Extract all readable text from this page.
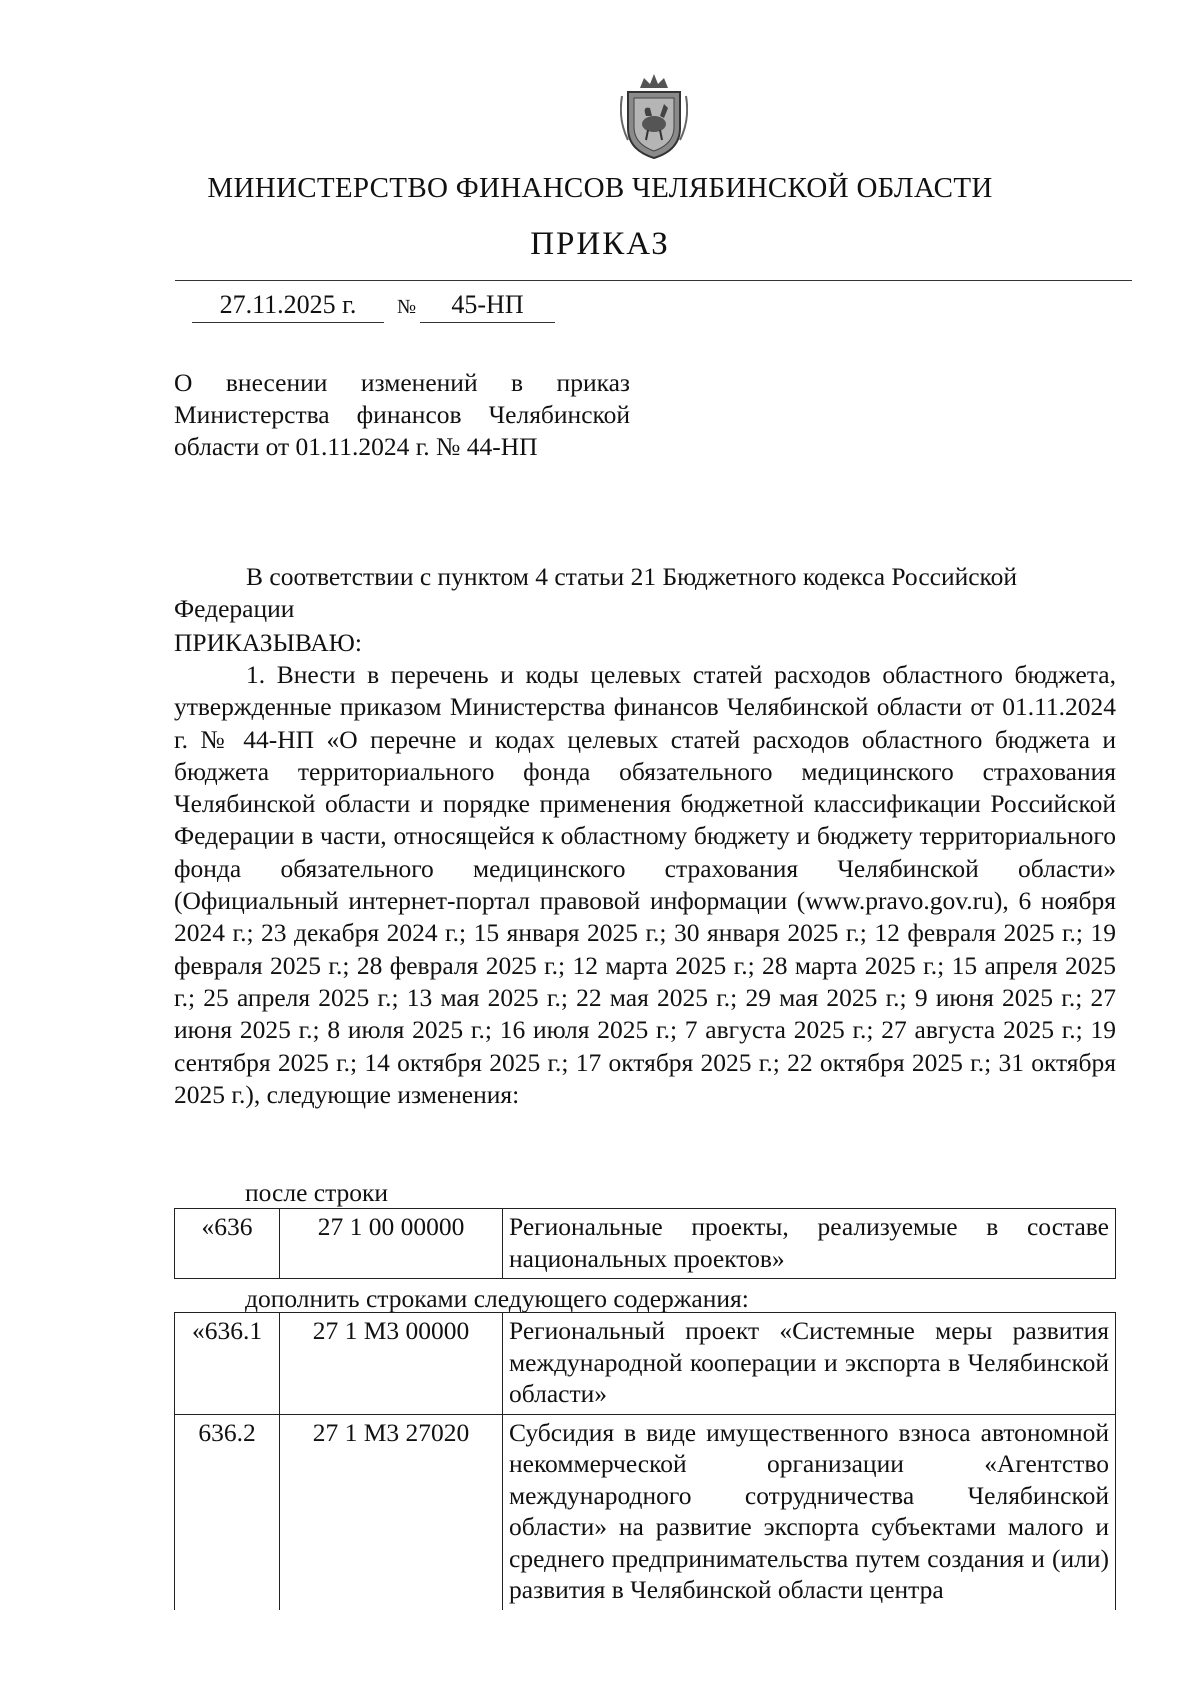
МИНИСТЕРСТВО ФИНАНСОВ ЧЕЛЯБИНСКОЙ ОБЛАСТИ
ПРИКАЗ
27.11.2025 г.	№	45-НП
О внесении изменений в приказ Министерства финансов Челябинской области от 01.11.2024 г. № 44-НП

В соответствии с пунктом 4 статьи 21 Бюджетного кодекса Российской Федерации

ПРИКАЗЫВАЮ:

1. Внести в перечень и коды целевых статей расходов областного бюджета, утвержденные приказом Министерства финансов Челябинской области от 01.11.2024 г. № 44-НП «О перечне и кодах целевых статей расходов областного бюджета и бюджета территориального фонда обязательного медицинского страхования Челябинской области и порядке применения бюджетной классификации Российской Федерации в части, относящейся к областному бюджету и бюджету территориального фонда обязательного медицинского страхования Челябинской области» (Официальный интернет-портал правовой информации (www.pravo.gov.ru), 6 ноября 2024 г.; 23 декабря 2024 г.; 15 января 2025 г.; 30 января 2025 г.; 12 февраля 2025 г.; 19 февраля 2025 г.; 28 февраля 2025 г.; 12 марта 2025 г.; 28 марта 2025 г.; 15 апреля 2025 г.; 25 апреля 2025 г.; 13 мая 2025 г.; 22 мая 2025 г.; 29 мая 2025 г.; 9 июня 2025 г.; 27 июня 2025 г.; 8 июля 2025 г.; 16 июля 2025 г.; 7 августа 2025 г.; 27 августа 2025 г.; 19 сентября 2025 г.; 14 октября 2025 г.; 17 октября 2025 г.; 22 октября 2025 г.; 31 октября 2025 г.), следующие изменения:

после строки
«636	27 1 00 00000	Региональные проекты, реализуемые в составе национальных проектов»
дополнить строками следующего содержания:
«636.1	27 1 М3 00000	Региональный проект «Системные меры развития международной кооперации и экспорта в Челябинской области»
636.2	27 1 М3 27020	Субсидия в виде имущественного взноса автономной некоммерческой организации «Агентство международного сотрудничества Челябинской области» на развитие экспорта субъектами малого и среднего предпринимательства путем создания и (или) развития в Челябинской области центра
